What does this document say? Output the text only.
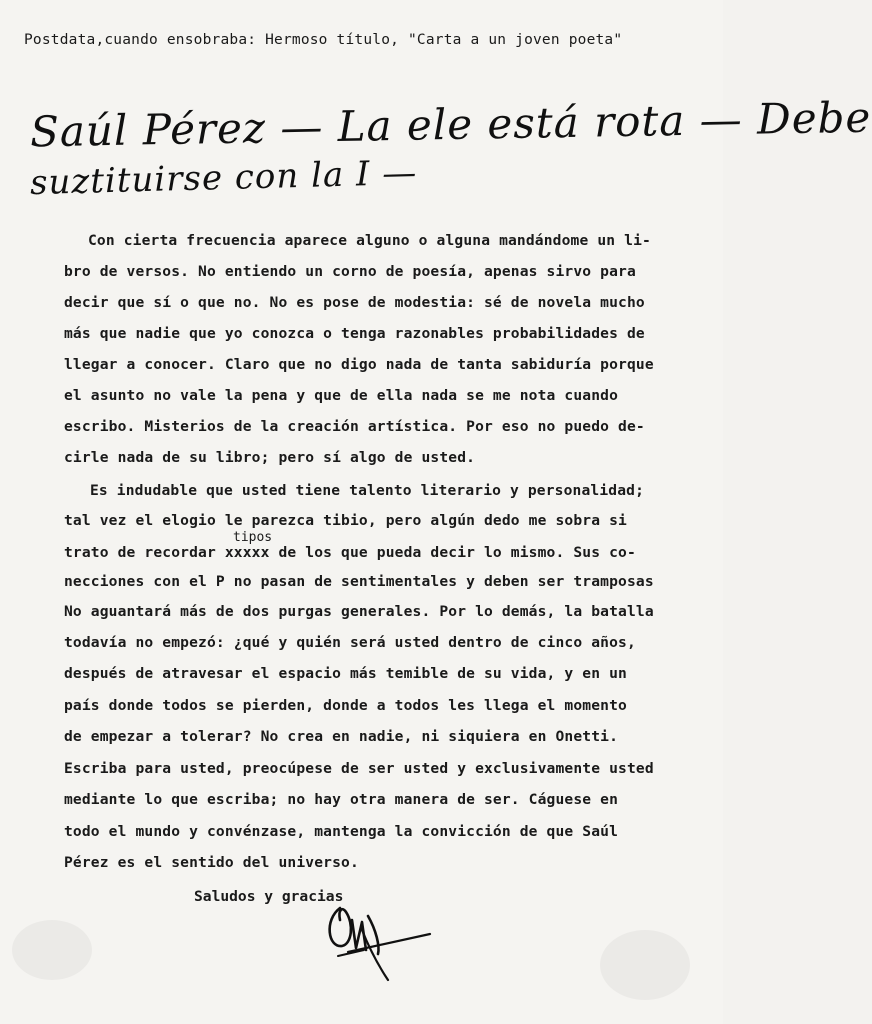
Postdata,cuando ensobraba: Hermoso título, "Carta a un joven poeta"
Saúl Pérez — La ele está rota — Debe
suztituirse con la I —
Con cierta frecuencia aparece alguno o alguna mandándome un li-
bro de versos. No entiendo un corno de poesía, apenas sirvo para
decir que sí o que no. No es pose de modestia: sé de novela mucho
más que nadie que yo conozca o tenga razonables probabilidades de
llegar a conocer. Claro que no digo nada de tanta sabiduría porque
el asunto no vale la pena y que de ella nada se me nota cuando
escribo. Misterios de la creación artística. Por eso no puedo de-
cirle nada de su libro; pero sí algo de usted.
Es indudable que usted tiene talento literario y personalidad;
tal vez el elogio le parezca tibio, pero algún dedo me sobra si
tipos
trato de recordar xxxxx de los que pueda decir lo mismo. Sus co-
necciones con el P no pasan de sentimentales y deben ser tramposas
No aguantará más de dos purgas generales. Por lo demás, la batalla
todavía no empezó: ¿qué y quién será usted dentro de cinco años,
después de atravesar el espacio más temible de su vida, y en un
país donde todos se pierden, donde a todos les llega el momento
de empezar a tolerar? No crea en nadie, ni siquiera en Onetti.
Escriba para usted, preocúpese de ser usted y exclusivamente usted
mediante lo que escriba; no hay otra manera de ser. Cáguese en
todo el mundo y convénzase, mantenga la convicción de que Saúl
Pérez es el sentido del universo.
Saludos y gracias
